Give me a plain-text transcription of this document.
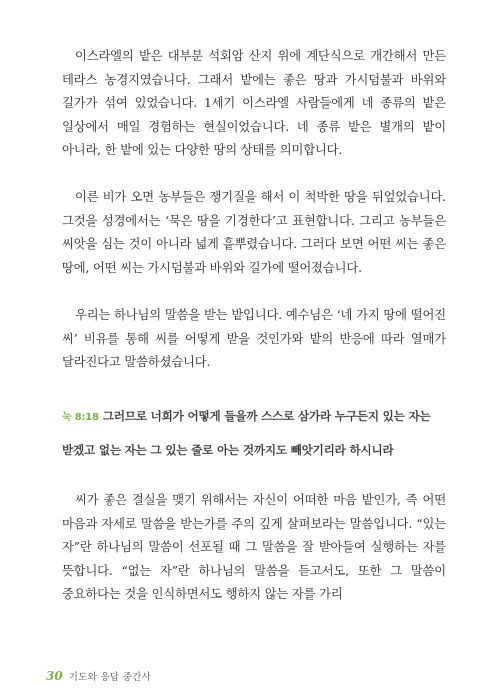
이스라엘의 밭은 대부분 석회암 산지 위에 계단식으로 개간해서 만든 테라스 농경지였습니다. 그래서 밭에는 좋은 땅과 가시덤불과 바위와 길가가 섞여 있었습니다. 1세기 이스라엘 사람들에게 네 종류의 밭은 일상에서 매일 경험하는 현실이었습니다. 네 종류 밭은 별개의 밭이 아니라, 한 밭에 있는 다양한 땅의 상태를 의미합니다.

이른 비가 오면 농부들은 쟁기질을 해서 이 척박한 땅을 뒤엎었습니다. 그것을 성경에서는 ‘묵은 땅을 기경한다’고 표현합니다. 그리고 농부들은 씨앗을 심는 것이 아니라 넓게 흩뿌렸습니다. 그러다 보면 어떤 씨는 좋은 땅에, 어떤 씨는 가시덤불과 바위와 길가에 떨어졌습니다.

우리는 하나님의 말씀을 받는 밭입니다. 예수님은 ‘네 가지 땅에 떨어진 씨’ 비유를 통해 씨를 어떻게 받을 것인가와 밭의 반응에 따라 열매가 달라진다고 말씀하셨습니다.

눅 8:18 그러므로 너희가 어떻게 들을까 스스로 삼가라 누구든지 있는 자는 받겠고 없는 자는 그 있는 줄로 아는 것까지도 빼앗기리라 하시니라

씨가 좋은 결실을 맺기 위해서는 자신이 어떠한 마음 밭인가, 즉 어떤 마음과 자세로 말씀을 받는가를 주의 깊게 살펴보라는 말씀입니다. “있는 자”란 하나님의 말씀이 선포될 때 그 말씀을 잘 받아들여 실행하는 자를 뜻합니다. “없는 자”란 하나님의 말씀을 듣고서도, 또한 그 말씀이 중요하다는 것을 인식하면서도 행하지 않는 자를 가리

30 기도와 응답 중간사
